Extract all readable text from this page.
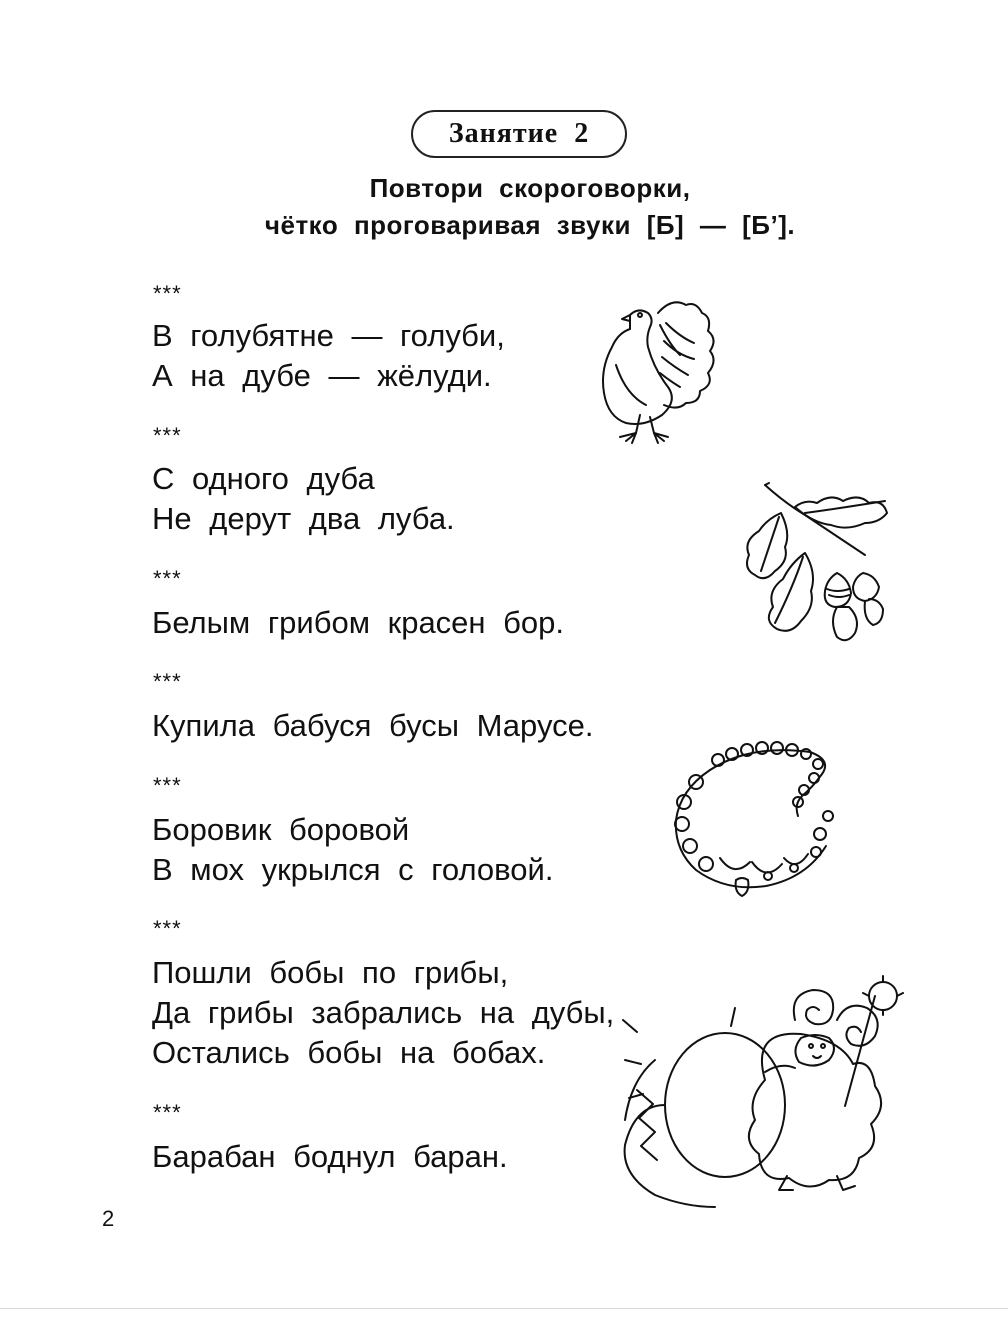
Занятие 2
Повтори скороговорки,
чётко проговаривая звуки [Б] — [Б’].
***
В голубятне — голуби,
А на дубе — жёлуди.
***
С одного дуба
Не дерут два луба.
***
Белым грибом красен бор.
***
Купила бабуся бусы Марусе.
***
Боровик боровой
В мох укрылся с головой.
***
Пошли бобы по грибы,
Да грибы забрались на дубы,
Остались бобы на бобах.
***
Барабан боднул баран.
2
